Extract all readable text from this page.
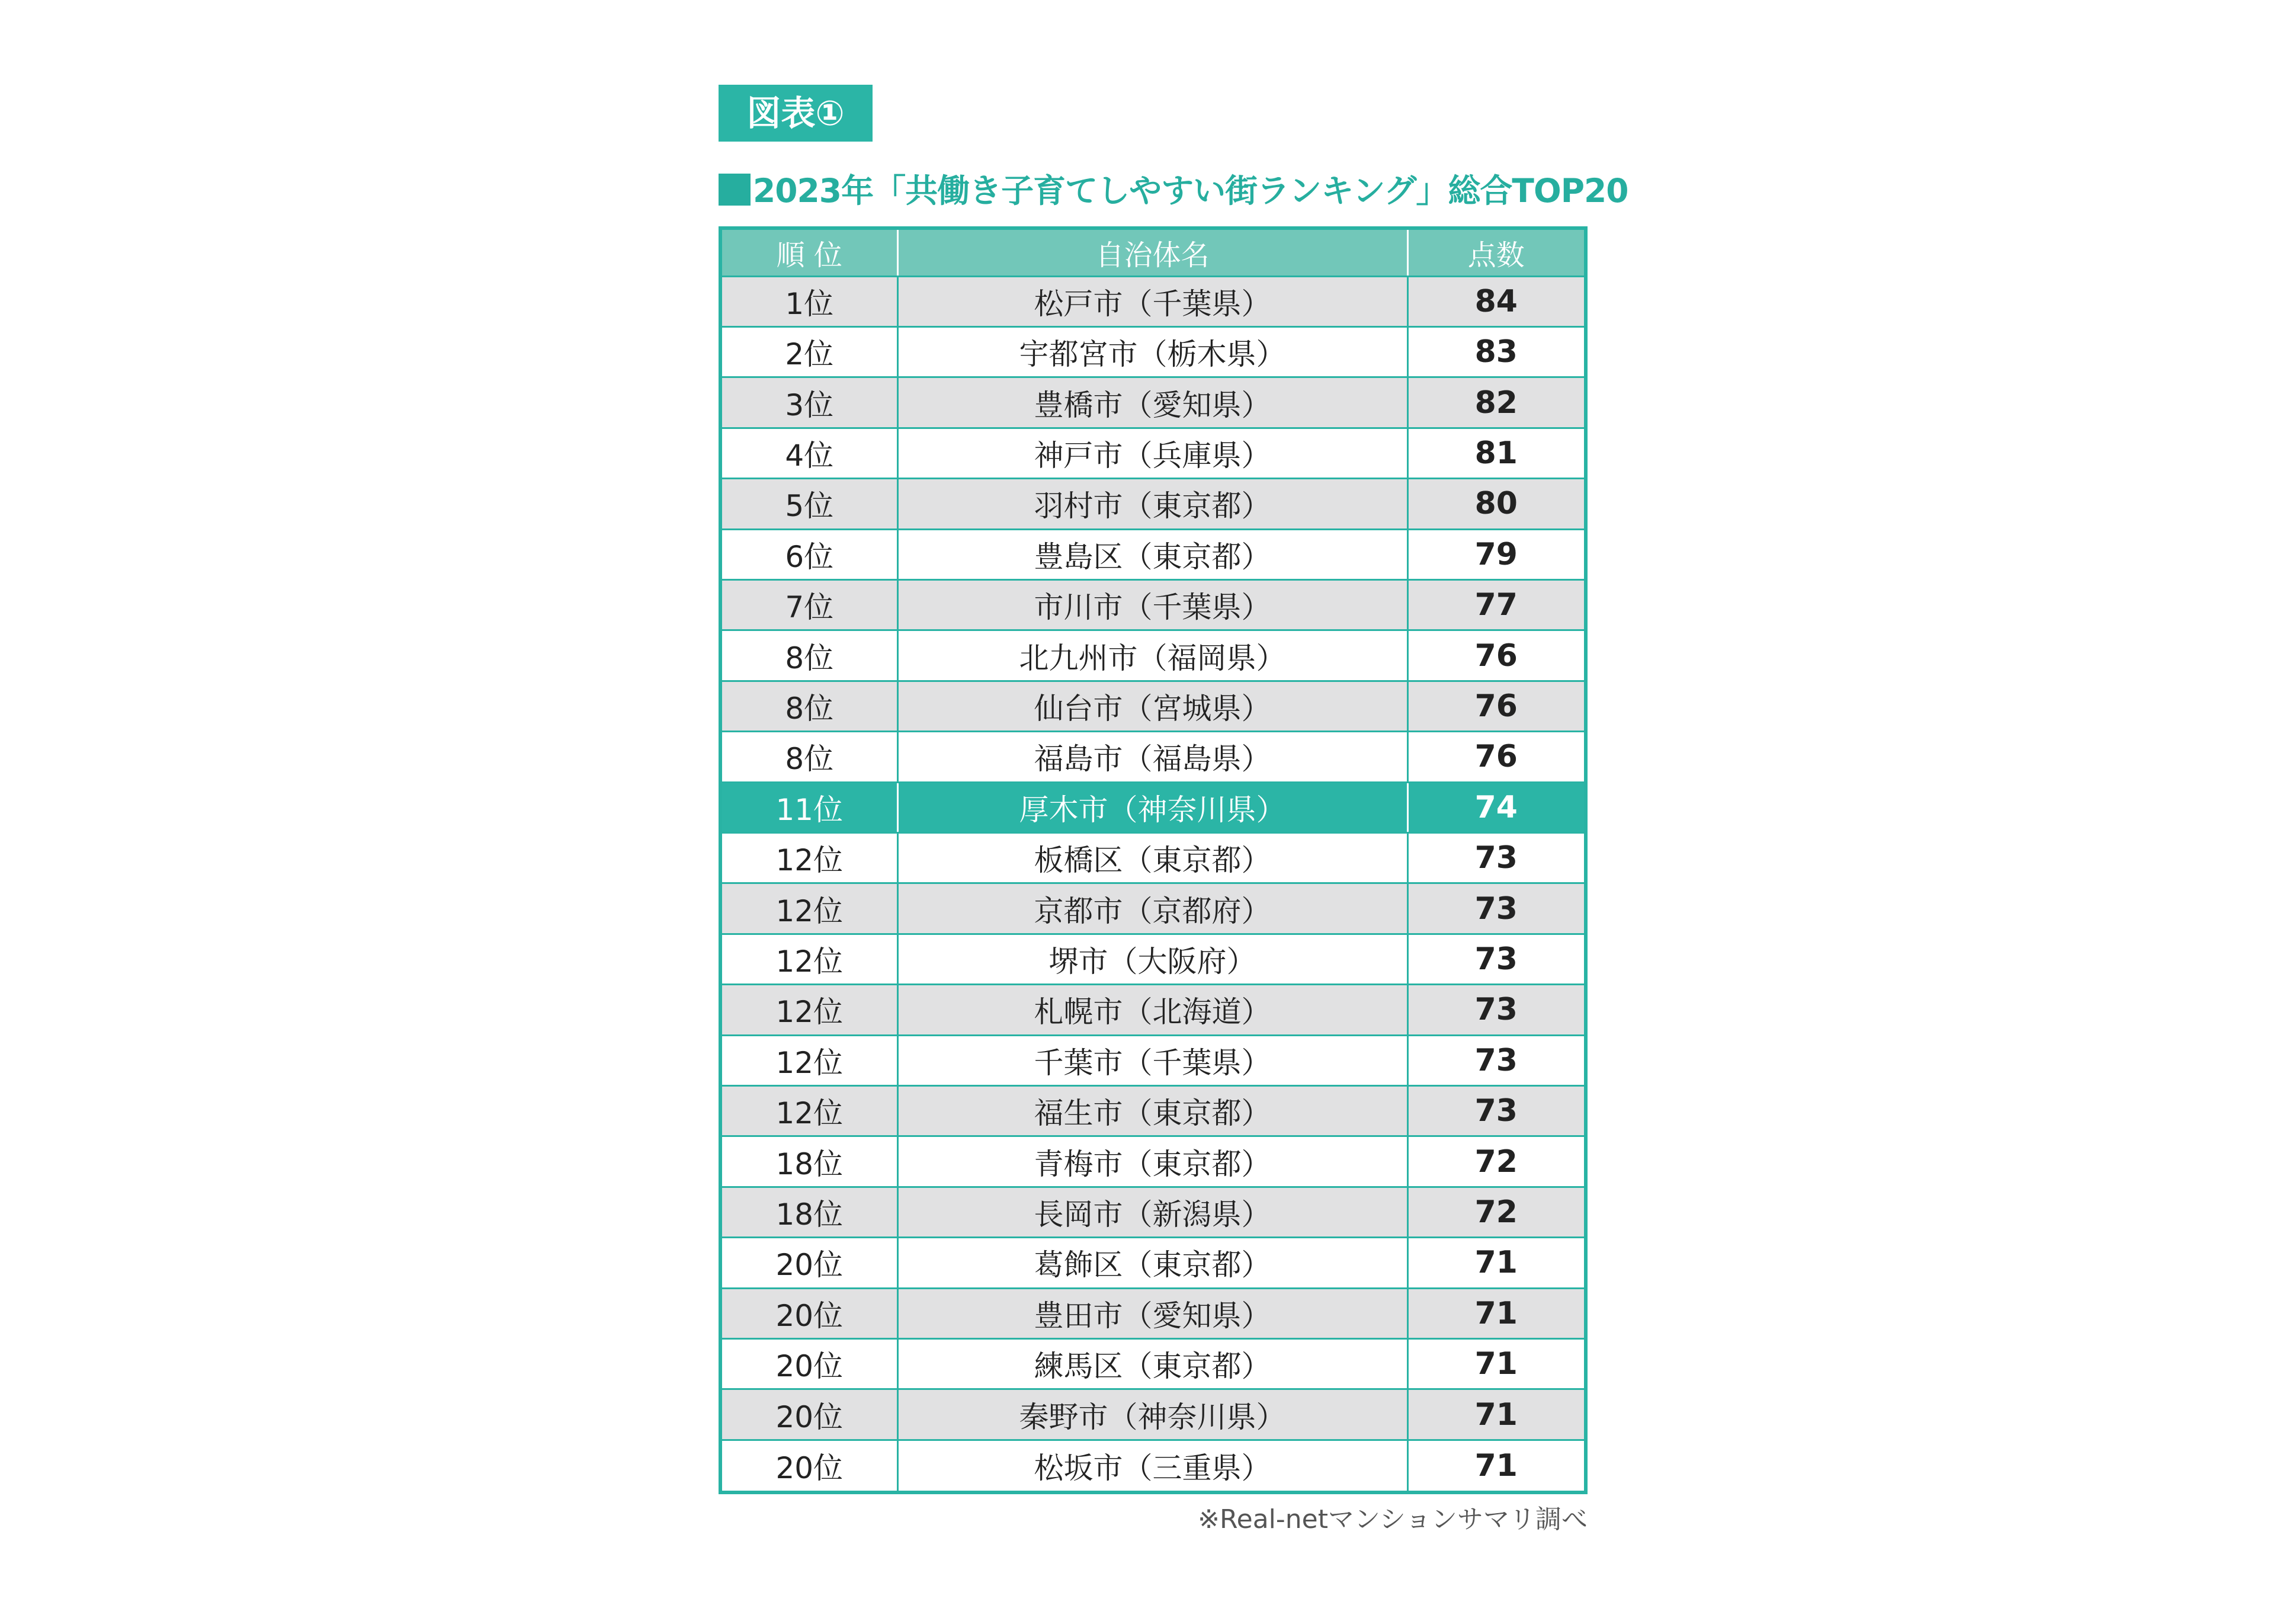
図表①
2023年「共働き子育てしやすい街ランキング」総合TOP20
順 位	自治体名	点数
1位	松戸市（千葉県）	84
2位	宇都宮市（栃木県）	83
3位	豊橋市（愛知県）	82
4位	神戸市（兵庫県）	81
5位	羽村市（東京都）	80
6位	豊島区（東京都）	79
7位	市川市（千葉県）	77
8位	北九州市（福岡県）	76
8位	仙台市（宮城県）	76
8位	福島市（福島県）	76
11位	厚木市（神奈川県）	74
12位	板橋区（東京都）	73
12位	京都市（京都府）	73
12位	堺市（大阪府）	73
12位	札幌市（北海道）	73
12位	千葉市（千葉県）	73
12位	福生市（東京都）	73
18位	青梅市（東京都）	72
18位	長岡市（新潟県）	72
20位	葛飾区（東京都）	71
20位	豊田市（愛知県）	71
20位	練馬区（東京都）	71
20位	秦野市（神奈川県）	71
20位	松坂市（三重県）	71
※Real-netマンションサマリ調べ
